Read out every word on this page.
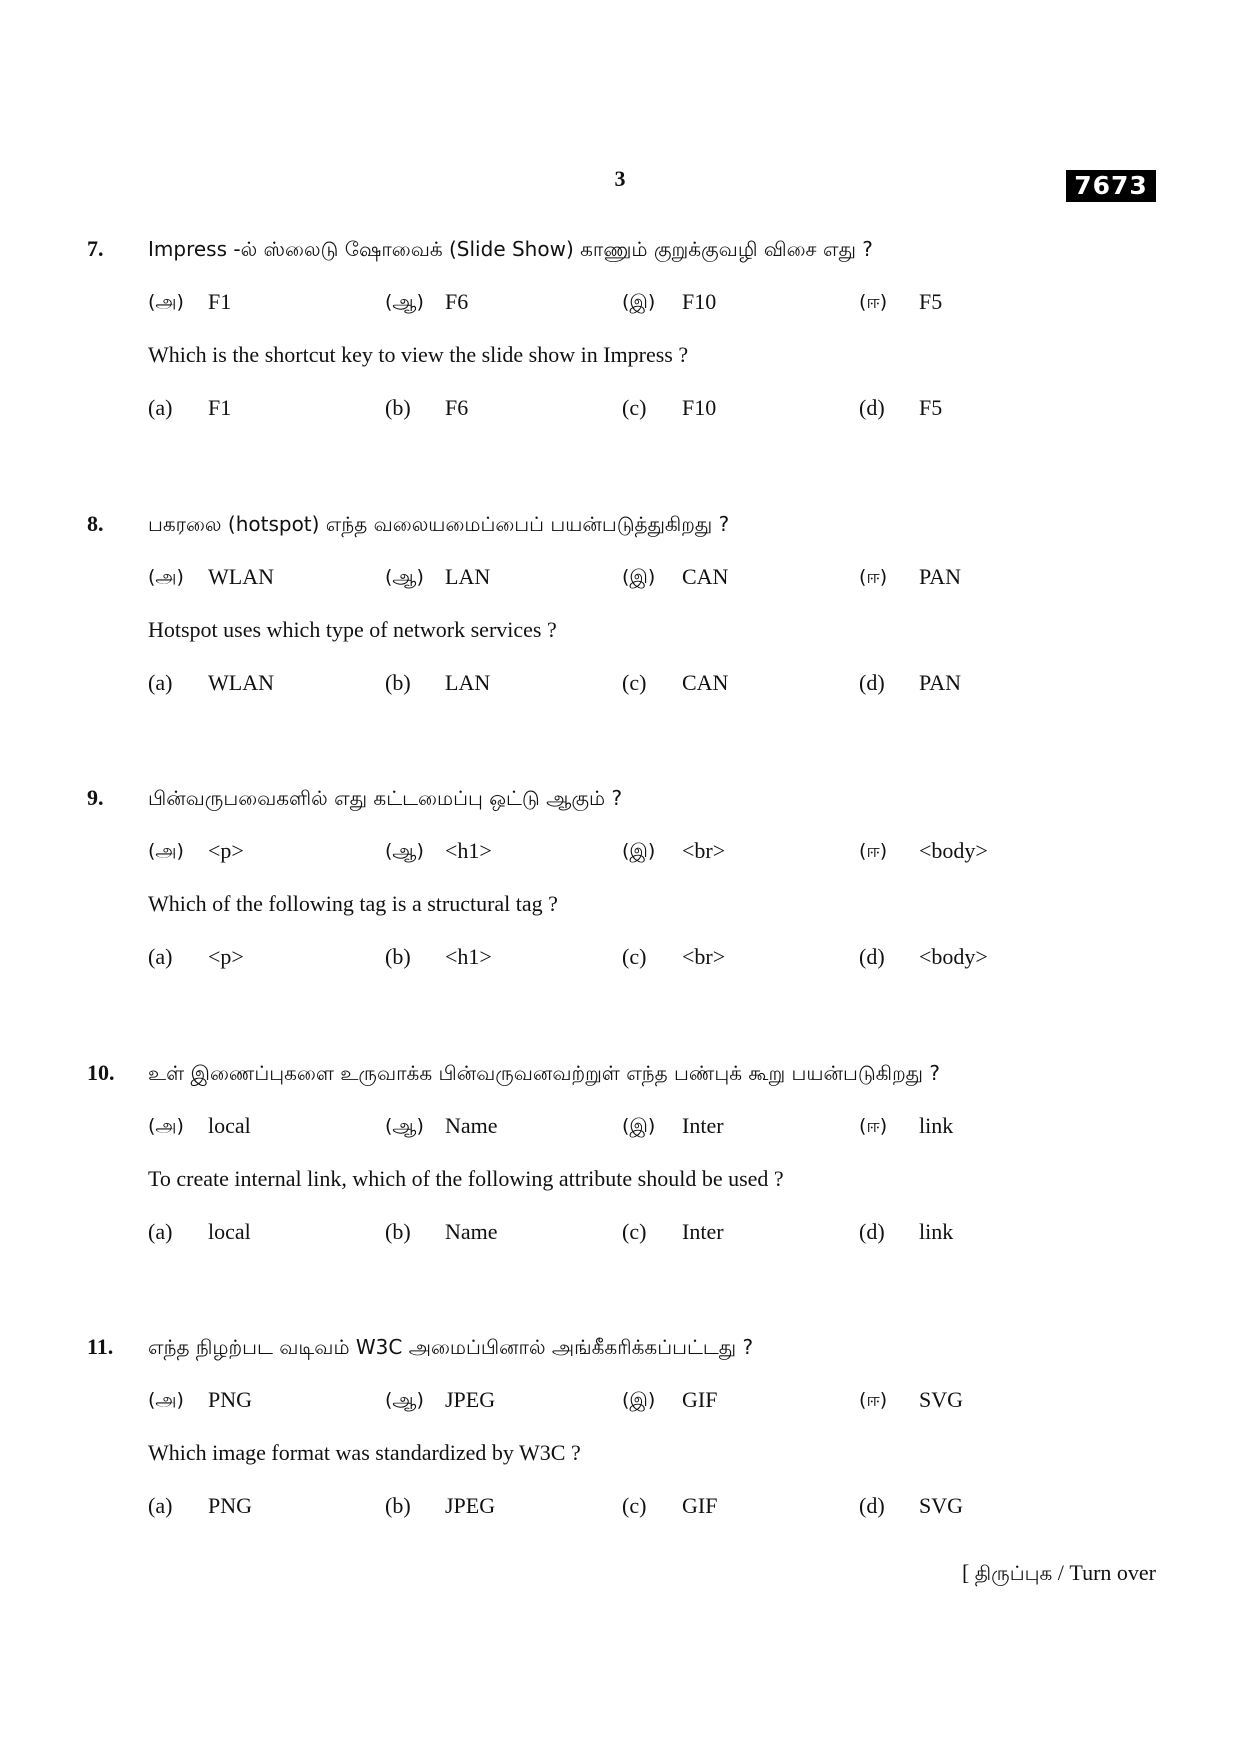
3	7673
7. Impress -ல் ஸ்லைடு ஷோவைக் (Slide Show) காணும் குறுக்குவழி விசை எது ?
(அ) F1	(ஆ) F6	(இ) F10	(ஈ) F5
Which is the shortcut key to view the slide show in Impress ?
(a) F1	(b) F6	(c) F10	(d) F5
8. பகரலை (hotspot) எந்த வலையமைப்பைப் பயன்படுத்துகிறது ?
(அ) WLAN	(ஆ) LAN	(இ) CAN	(ஈ) PAN
Hotspot uses which type of network services ?
(a) WLAN	(b) LAN	(c) CAN	(d) PAN
9. பின்வருபவைகளில் எது கட்டமைப்பு ஒட்டு ஆகும் ?
(அ) <p>	(ஆ) <h1>	(இ) <br>	(ஈ) <body>
Which of the following tag is a structural tag ?
(a) <p>	(b) <h1>	(c) <br>	(d) <body>
10. உள் இணைப்புகளை உருவாக்க பின்வருவனவற்றுள் எந்த பண்புக் கூறு பயன்படுகிறது ?
(அ) local	(ஆ) Name	(இ) Inter	(ஈ) link
To create internal link, which of the following attribute should be used ?
(a) local	(b) Name	(c) Inter	(d) link
11. எந்த நிழற்பட வடிவம் W3C அமைப்பினால் அங்கீகரிக்கப்பட்டது ?
(அ) PNG	(ஆ) JPEG	(இ) GIF	(ஈ) SVG
Which image format was standardized by W3C ?
(a) PNG	(b) JPEG	(c) GIF	(d) SVG
[ திருப்புக / Turn over
